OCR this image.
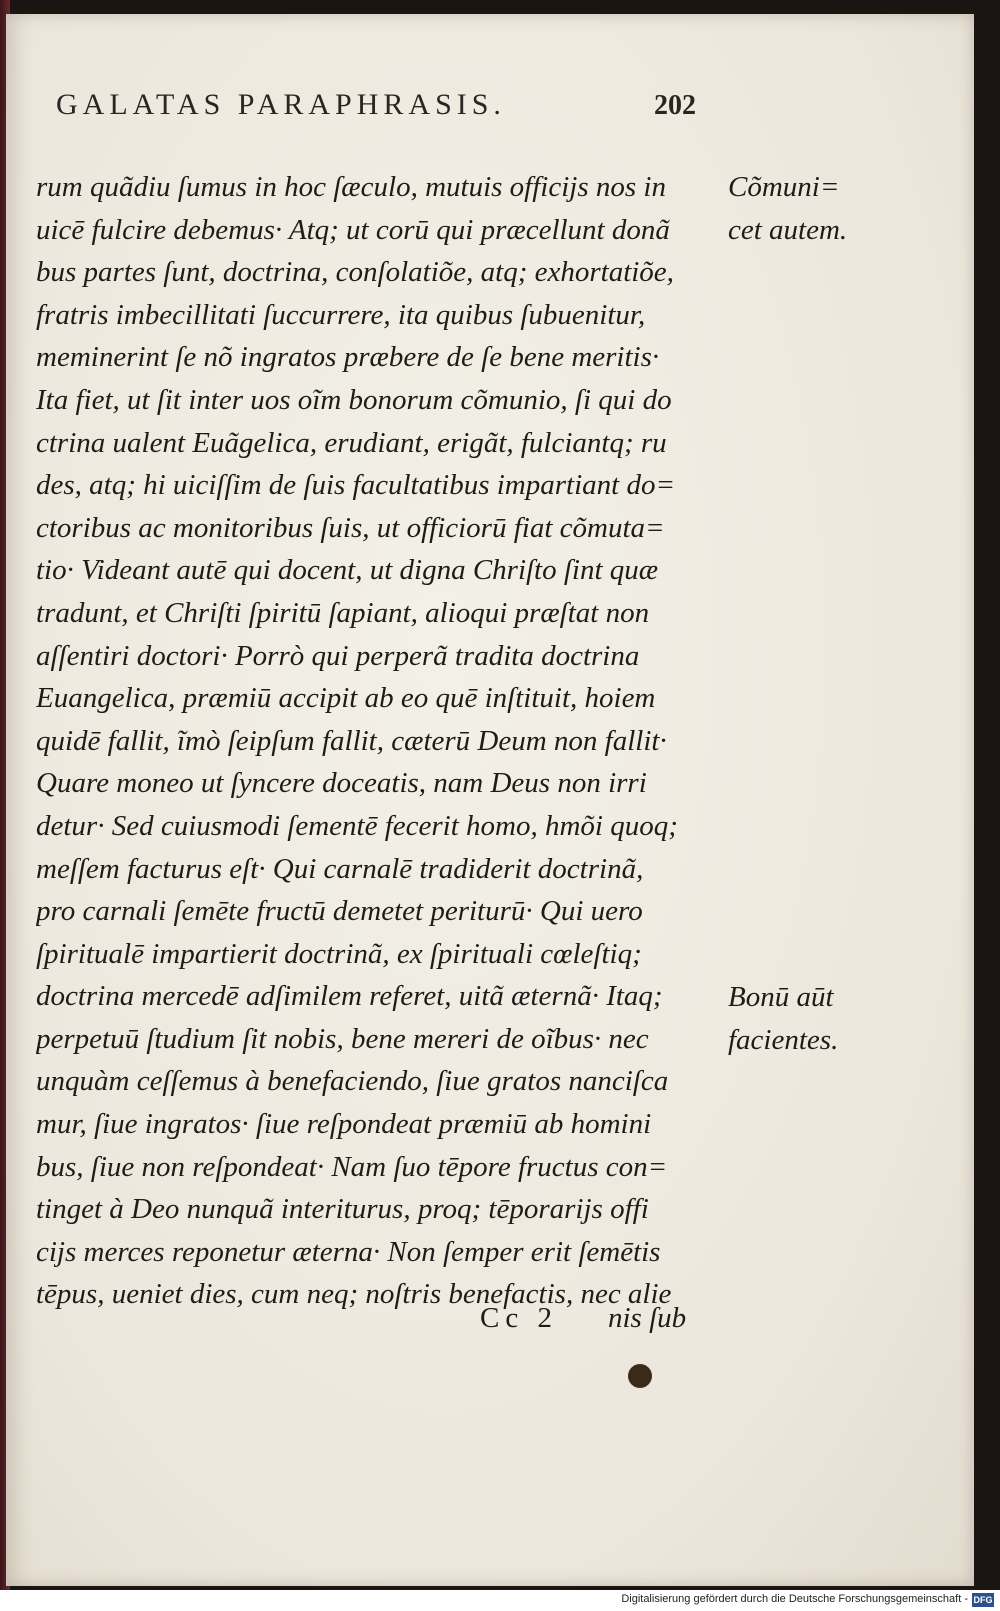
GALATAS PARAPHRASIS.	202
rum quãdiu ſumus in hoc ſæculo, mutuis officijs nos in
uicē fulcire debemus· Atq; ut corū qui præcellunt donã
bus partes ſunt, doctrina, conſolatiõe, atq; exhortatiõe,
fratris imbecillitati ſuccurrere, ita quibus ſubuenitur,
meminerint ſe nõ ingratos præbere de ſe bene meritis·
Ita fiet, ut ſit inter uos oĩm bonorum cõmunio, ſi qui do
ctrina ualent Euãgelica, erudiant, erigãt, fulciantq; ru
des, atq; hi uiciſſim de ſuis facultatibus impartiant do=
ctoribus ac monitoribus ſuis, ut officiorū fiat cõmuta=
tio· Videant autē qui docent, ut digna Chriſto ſint quæ
tradunt, et Chriſti ſpiritū ſapiant, alioqui præſtat non
aſſentiri doctori· Porrò qui perperã tradita doctrina
Euangelica, præmiū accipit ab eo quē inſtituit, hoiem
quidē fallit, ĩmò ſeipſum fallit, cæterū Deum non fallit·
Quare moneo ut ſyncere doceatis, nam Deus non irri
detur· Sed cuiusmodi ſementē fecerit homo, hmõi quoq;
meſſem facturus eſt· Qui carnalē tradiderit doctrinã,
pro carnali ſemēte fructū demetet periturū· Qui uero
ſpiritualē impartierit doctrinã, ex ſpirituali cœleſtiq;
doctrina mercedē adſimilem referet, uitã æternã· Itaq;
perpetuū ſtudium ſit nobis, bene mereri de oĩbus· nec
unquàm ceſſemus à benefaciendo, ſiue gratos nanciſca
mur, ſiue ingratos· ſiue reſpondeat præmiū ab homini
bus, ſiue non reſpondeat· Nam ſuo tēpore fructus con=
tinget à Deo nunquã interiturus, proq; tēporarijs offi
cijs merces reponetur æterna· Non ſemper erit ſemētis
tēpus, ueniet dies, cum neq; noſtris benefactis, nec alie
Cõmuni=
cet autem.
Bonū aūt
facientes.
Cc 2 nis ſub
Digitalisierung gefördert durch die Deutsche Forschungsgemeinschaft - DFG
